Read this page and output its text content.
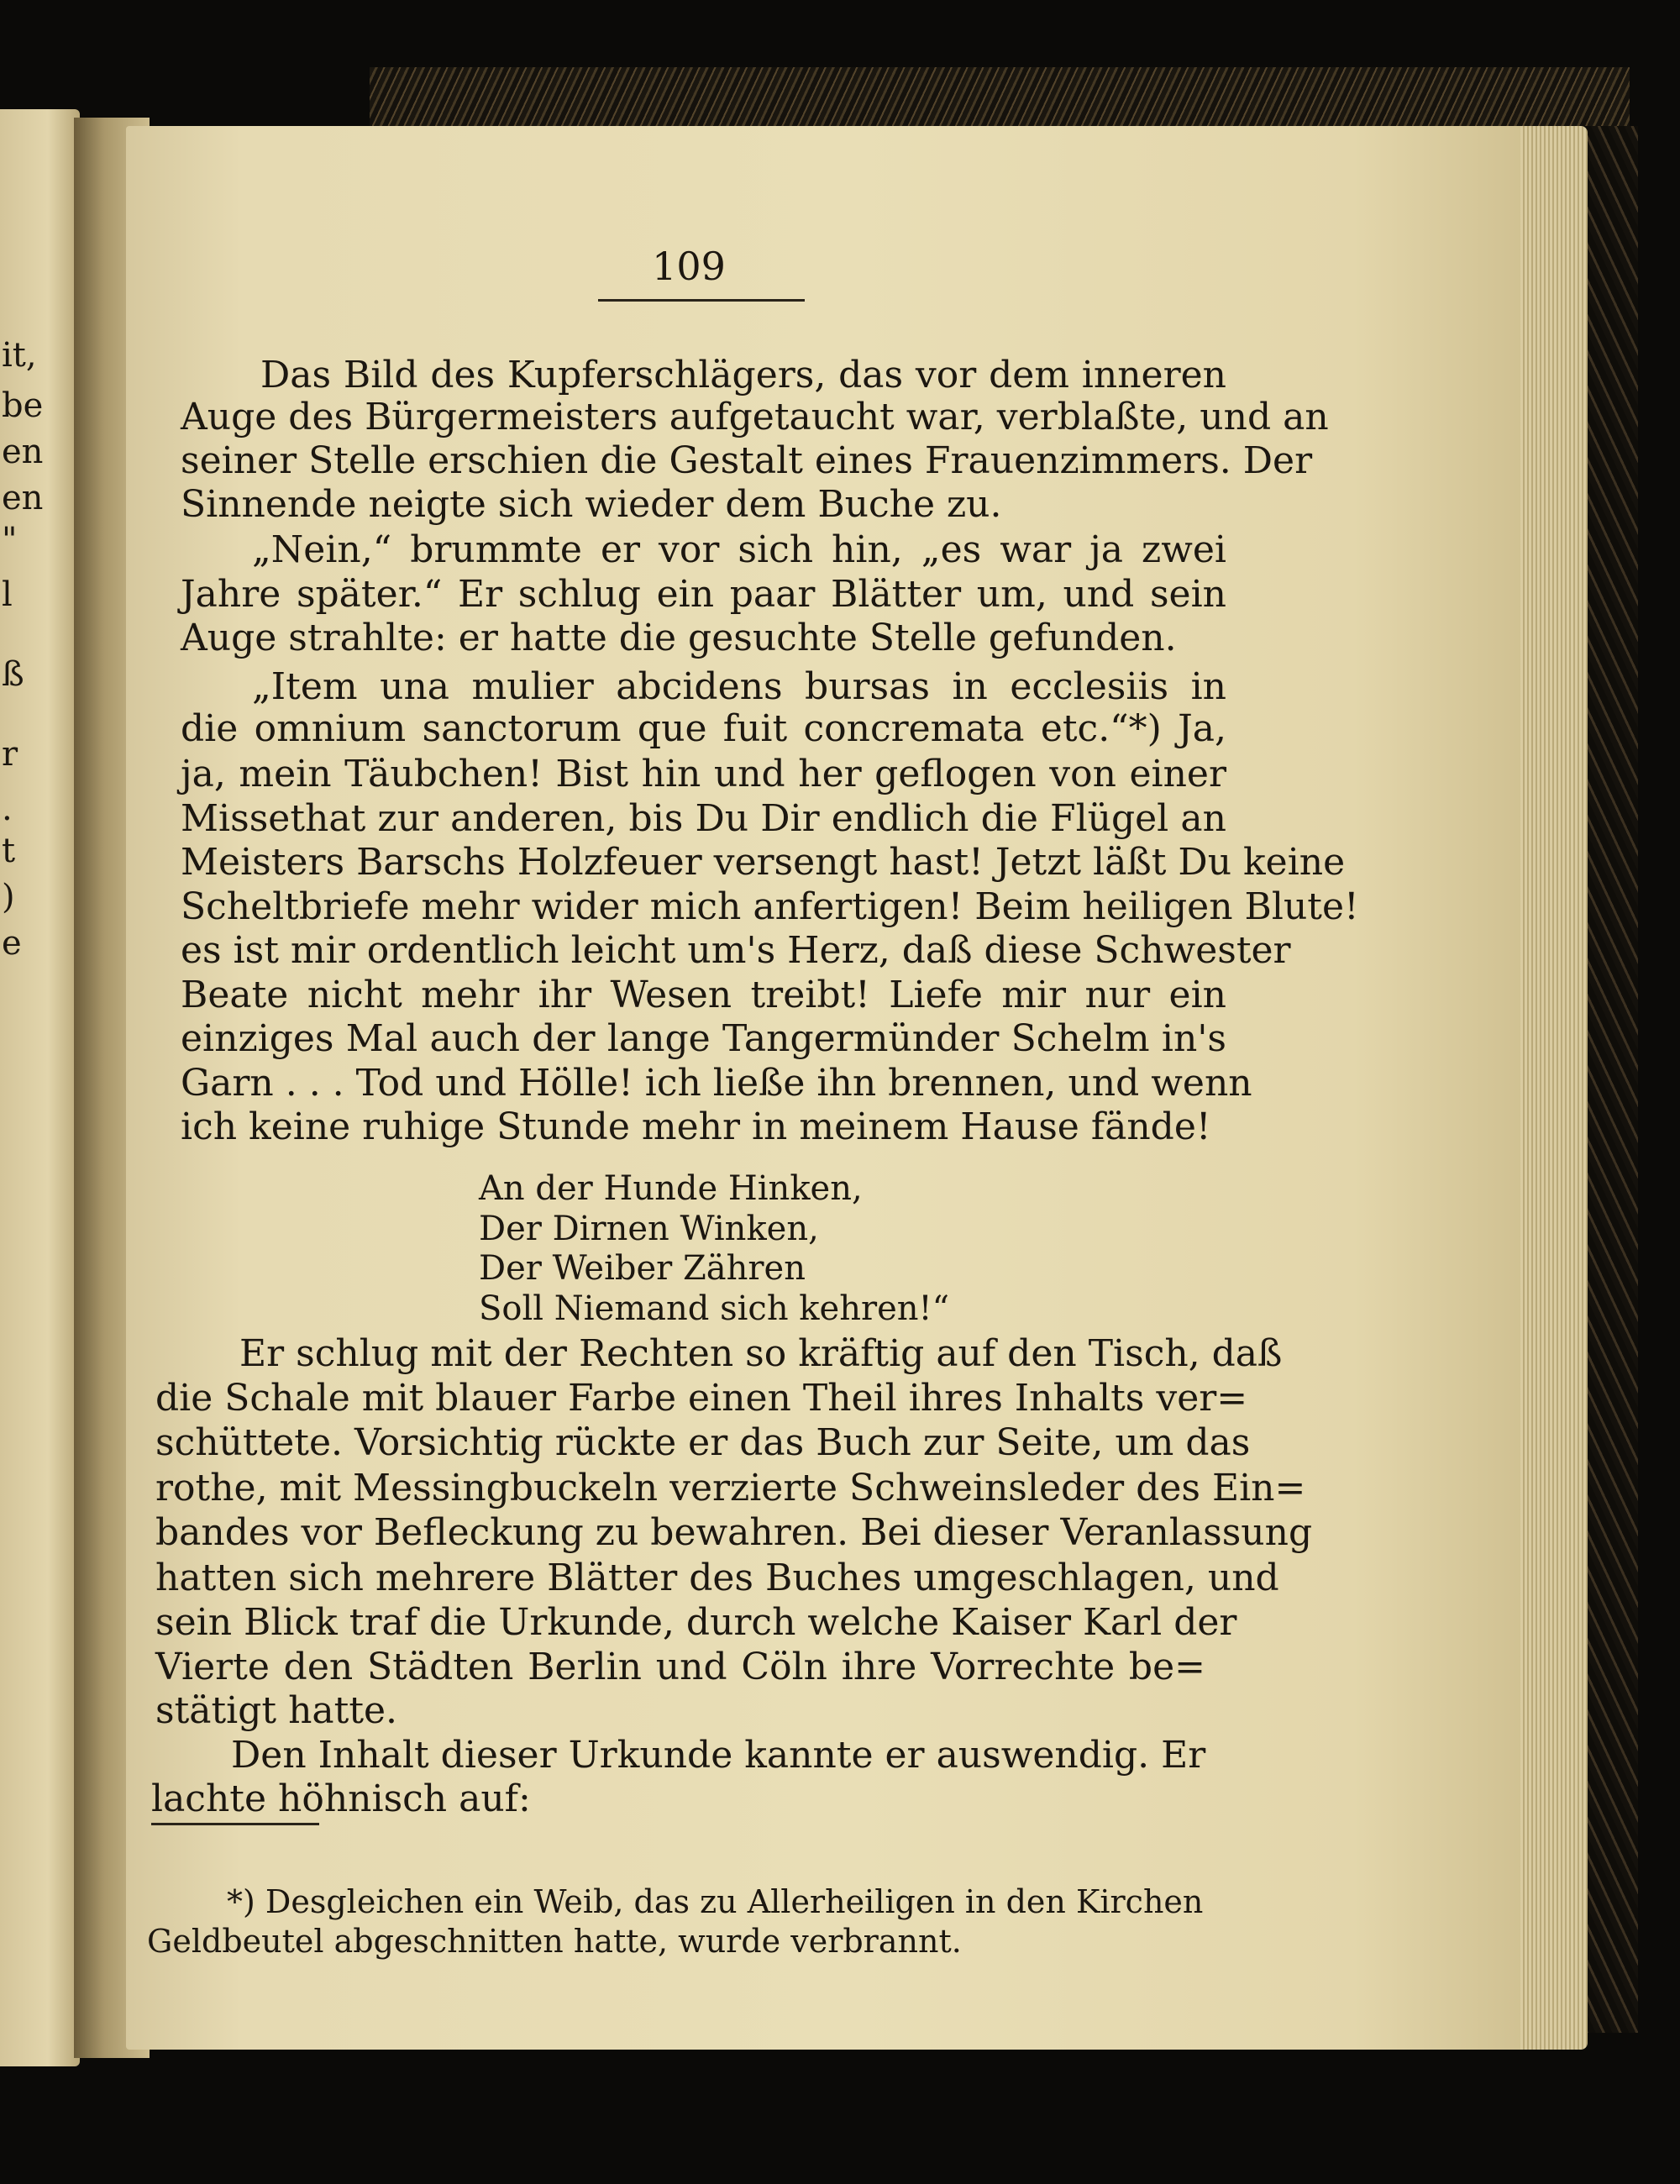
it,
be
en
en
"
l
ß
r
.
t
)
e
109
Das Bild des Kupferschlägers, das vor dem inneren
Auge des Bürgermeisters aufgetaucht war, verblaßte, und an
seiner Stelle erschien die Gestalt eines Frauenzimmers. Der
Sinnende neigte sich wieder dem Buche zu.
„Nein,“ brummte er vor sich hin, „es war ja zwei
Jahre später.“ Er schlug ein paar Blätter um, und sein
Auge strahlte: er hatte die gesuchte Stelle gefunden.
„Item una mulier abcidens bursas in ecclesiis in
die omnium sanctorum que fuit concremata etc.“*) Ja,
ja, mein Täubchen! Bist hin und her geflogen von einer
Missethat zur anderen, bis Du Dir endlich die Flügel an
Meisters Barschs Holzfeuer versengt hast! Jetzt läßt Du keine
Scheltbriefe mehr wider mich anfertigen! Beim heiligen Blute!
es ist mir ordentlich leicht um's Herz, daß diese Schwester
Beate nicht mehr ihr Wesen treibt! Liefe mir nur ein
einziges Mal auch der lange Tangermünder Schelm in's
Garn . . . Tod und Hölle! ich ließe ihn brennen, und wenn
ich keine ruhige Stunde mehr in meinem Hause fände!
An der Hunde Hinken,
Der Dirnen Winken,
Der Weiber Zähren
Soll Niemand sich kehren!“
Er schlug mit der Rechten so kräftig auf den Tisch, daß
die Schale mit blauer Farbe einen Theil ihres Inhalts ver=
schüttete. Vorsichtig rückte er das Buch zur Seite, um das
rothe, mit Messingbuckeln verzierte Schweinsleder des Ein=
bandes vor Befleckung zu bewahren. Bei dieser Veranlassung
hatten sich mehrere Blätter des Buches umgeschlagen, und
sein Blick traf die Urkunde, durch welche Kaiser Karl der
Vierte den Städten Berlin und Cöln ihre Vorrechte be=
stätigt hatte.
Den Inhalt dieser Urkunde kannte er auswendig. Er
lachte höhnisch auf:
*) Desgleichen ein Weib, das zu Allerheiligen in den Kirchen
Geldbeutel abgeschnitten hatte, wurde verbrannt.
